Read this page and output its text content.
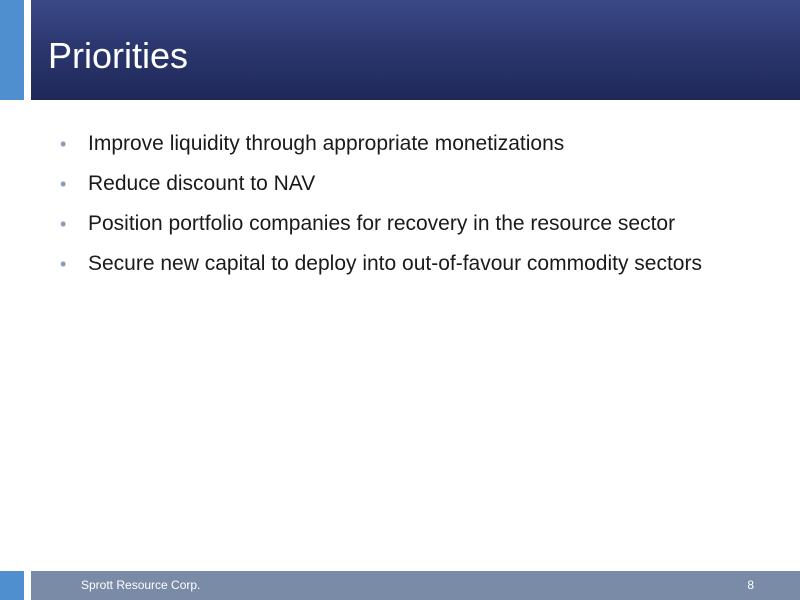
Priorities
•	Improve liquidity through appropriate monetizations
•	Reduce discount to NAV
•	Position portfolio companies for recovery in the resource sector
•	Secure new capital to deploy into out-of-favour commodity sectors
Sprott Resource Corp.	8
